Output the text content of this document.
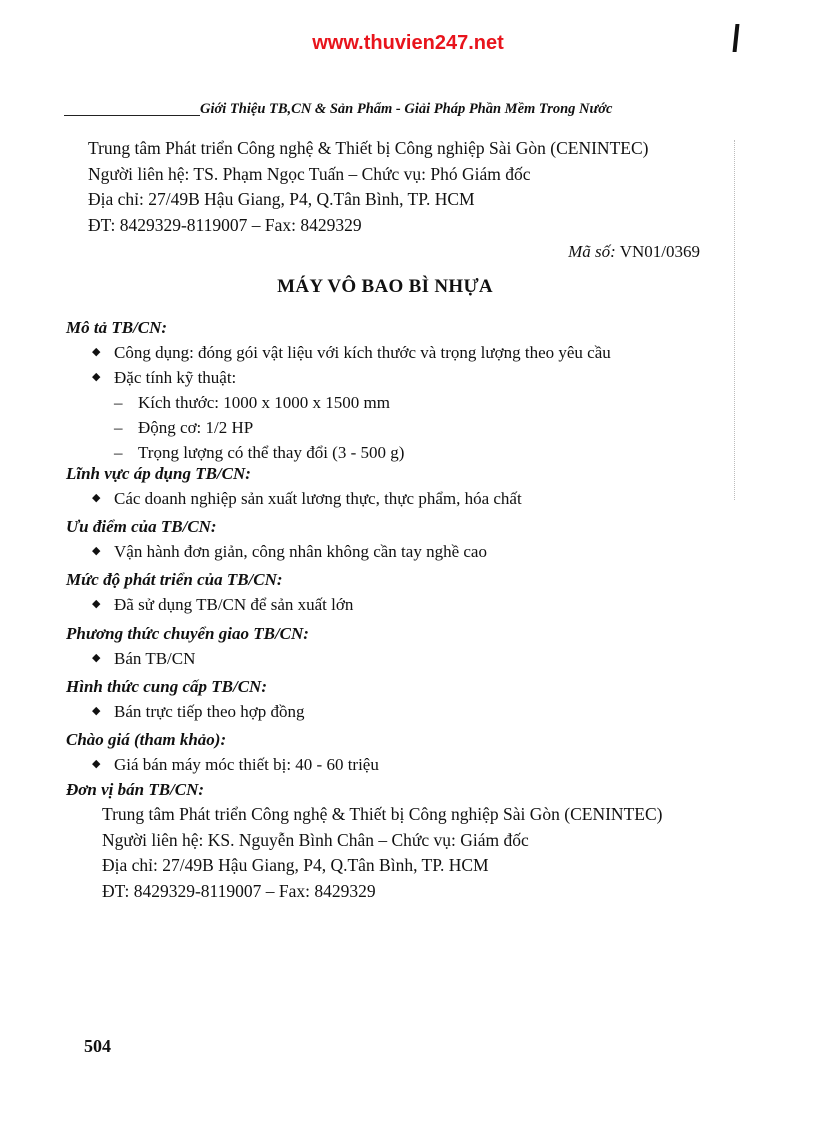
www.thuvien247.net
Giới Thiệu TB,CN & Sản Phẩm - Giải Pháp Phần Mềm Trong Nước
Trung tâm Phát triển Công nghệ & Thiết bị Công nghiệp Sài Gòn (CENINTEC)
Người liên hệ: TS. Phạm Ngọc Tuấn – Chức vụ: Phó Giám đốc
Địa chỉ: 27/49B Hậu Giang, P4, Q.Tân Bình, TP. HCM
ĐT: 8429329-8119007 – Fax: 8429329
Mã số: VN01/0369
MÁY VÔ BAO BÌ NHỰA
Mô tả TB/CN:
◆ Công dụng: đóng gói vật liệu với kích thước và trọng lượng theo yêu cầu
◆ Đặc tính kỹ thuật:
– Kích thước: 1000 x 1000 x 1500 mm
– Động cơ: 1/2 HP
– Trọng lượng có thể thay đổi (3 - 500 g)
Lĩnh vực áp dụng TB/CN:
◆ Các doanh nghiệp sản xuất lương thực, thực phẩm, hóa chất
Ưu điểm của TB/CN:
◆ Vận hành đơn giản, công nhân không cần tay nghề cao
Mức độ phát triển của TB/CN:
◆ Đã sử dụng TB/CN để sản xuất lớn
Phương thức chuyển giao TB/CN:
◆ Bán TB/CN
Hình thức cung cấp TB/CN:
◆ Bán trực tiếp theo hợp đồng
Chào giá (tham khảo):
◆ Giá bán máy móc thiết bị: 40 - 60 triệu
Đơn vị bán TB/CN:
Trung tâm Phát triển Công nghệ & Thiết bị Công nghiệp Sài Gòn (CENINTEC)
Người liên hệ: KS. Nguyễn Bình Chân – Chức vụ: Giám đốc
Địa chỉ: 27/49B Hậu Giang, P4, Q.Tân Bình, TP. HCM
ĐT: 8429329-8119007 – Fax: 8429329
504
